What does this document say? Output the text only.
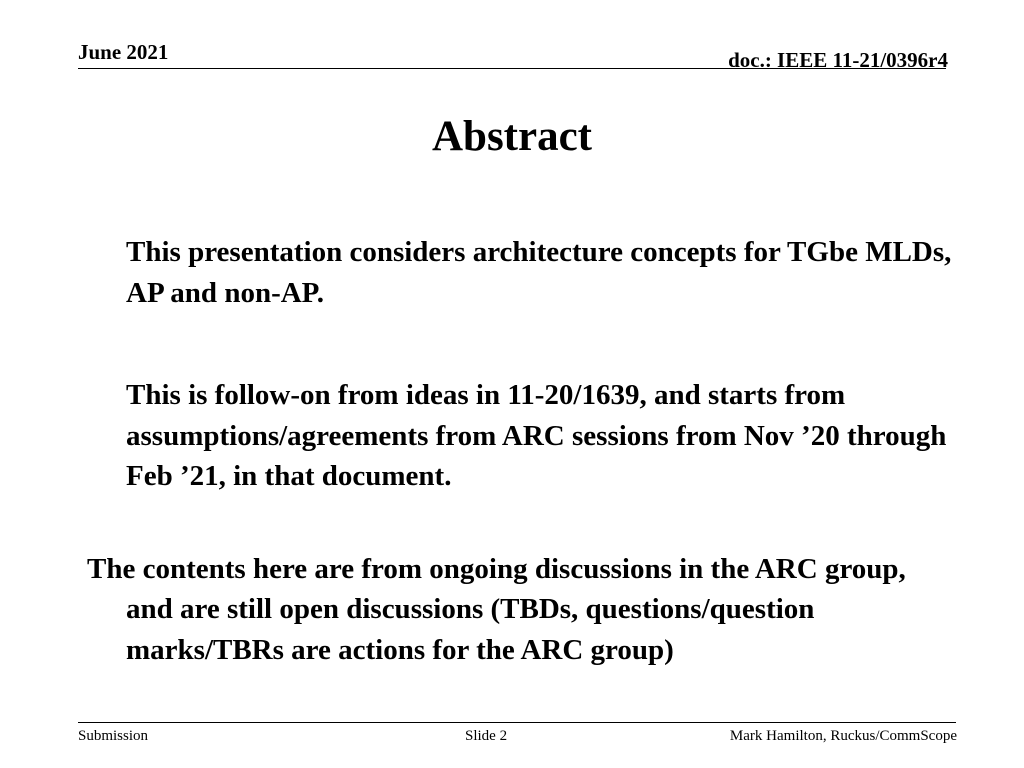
June 2021	doc.: IEEE 11-21/0396r4
Abstract

This presentation considers architecture concepts for TGbe MLDs, AP and non-AP.

This is follow-on from ideas in 11-20/1639, and starts from assumptions/agreements from ARC sessions from Nov ’20 through Feb ’21, in that document.

The contents here are from ongoing discussions in the ARC group, and are still open discussions (TBDs, questions/question marks/TBRs are actions for the ARC group)

Submission	Slide 2	Mark Hamilton, Ruckus/CommScope
